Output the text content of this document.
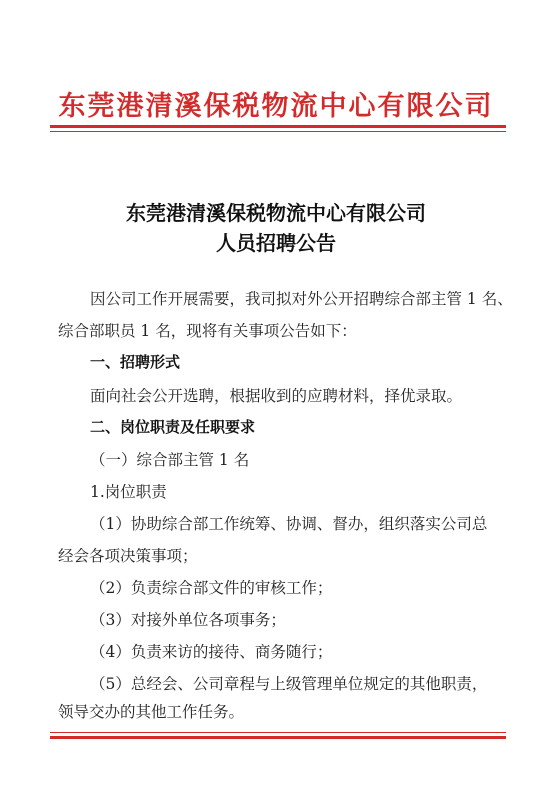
东莞港清溪保税物流中心有限公司
东莞港清溪保税物流中心有限公司
人员招聘公告
因公司工作开展需要，我司拟对外公开招聘综合部主管 1 名、
综合部职员 1 名，现将有关事项公告如下：
一、招聘形式
面向社会公开选聘，根据收到的应聘材料，择优录取。
二、岗位职责及任职要求
（一）综合部主管 1 名
1.岗位职责
（1）协助综合部工作统筹、协调、督办，组织落实公司总
经会各项决策事项；
（2）负责综合部文件的审核工作；
（3）对接外单位各项事务；
（4）负责来访的接待、商务随行；
（5）总经会、公司章程与上级管理单位规定的其他职责，
领导交办的其他工作任务。
